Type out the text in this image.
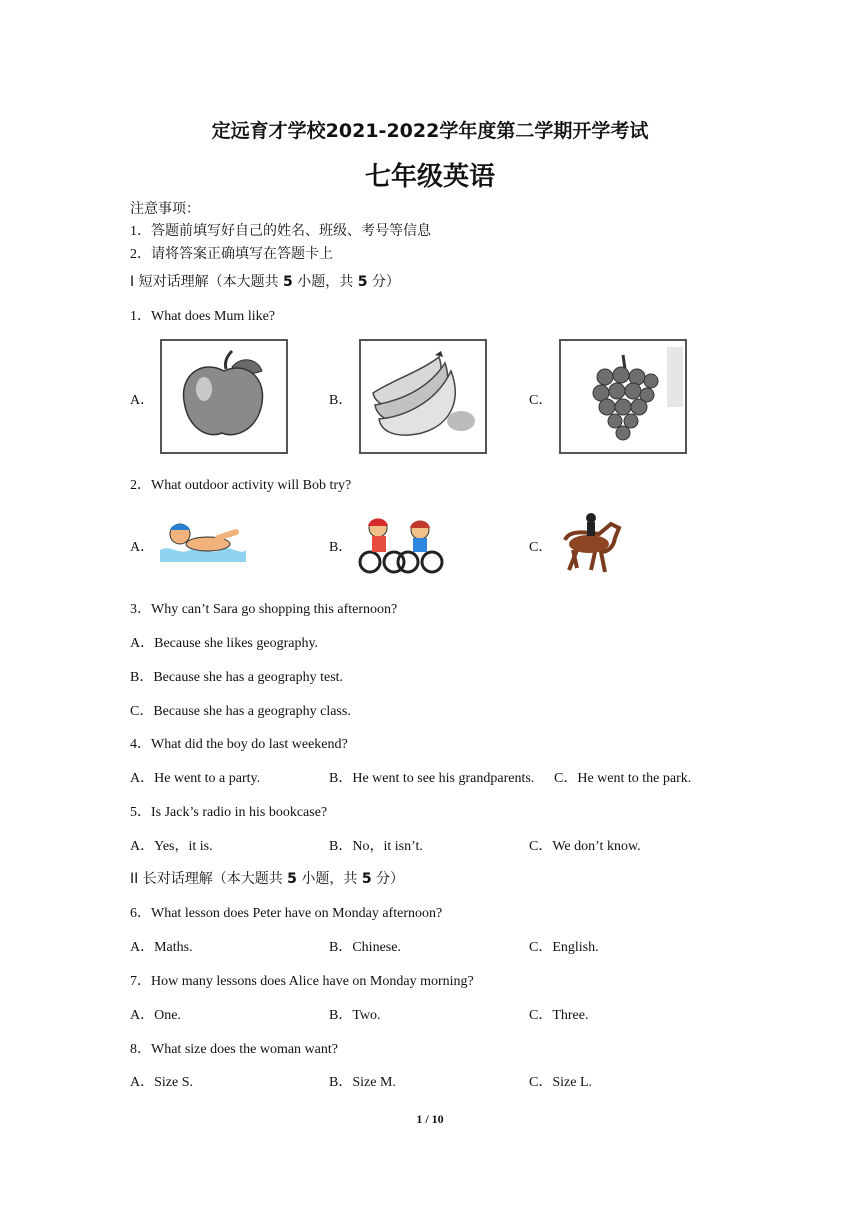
定远育才学校2021-2022学年度第二学期开学考试
七年级英语
注意事项：
1．答题前填写好自己的姓名、班级、考号等信息
2．请将答案正确填写在答题卡上
I 短对话理解（本大题共 5 小题，共 5 分）
1．What does Mum like?
A．	B．	C．
2．What outdoor activity will Bob try?
A．	B．	C．
3．Why can’t Sara go shopping this afternoon?
A．Because she likes geography.
B．Because she has a geography test.
C．Because she has a geography class.
4．What did the boy do last weekend?
A．He went to a party.	B．He went to see his grandparents. C．He went to the park.
5．Is Jack’s radio in his bookcase?
A．Yes，it is.	B．No，it isn’t.	C．We don’t know.
II 长对话理解（本大题共 5 小题，共 5 分）
6．What lesson does Peter have on Monday afternoon?
A．Maths.	B．Chinese.	C．English.
7．How many lessons does Alice have on Monday morning?
A．One.	B．Two.	C．Three.
8．What size does the woman want?
A．Size S.	B．Size M.	C．Size L.
1 / 10
